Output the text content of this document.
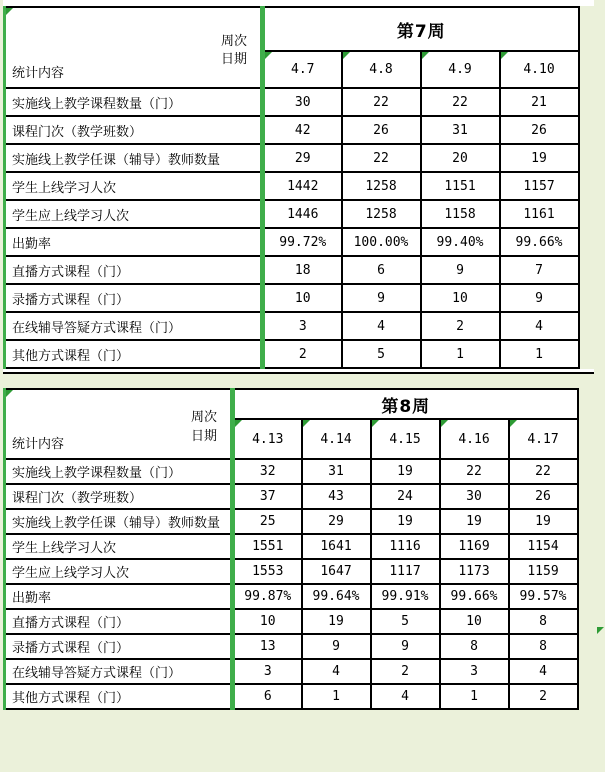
周次
日期
统计内容	第7周			

4.7	4.8	4.9	4.10
实施线上教学课程数量（门）	30	22	22	21
课程门次（教学班数）	42	26	31	26
实施线上教学任课（辅导）教师数量	29	22	20	19
学生上线学习人次	1442	1258	1151	1157
学生应上线学习人次	1446	1258	1158	1161
出勤率	99.72%	100.00%	99.40%	99.66%
直播方式课程（门）	18	6	9	7
录播方式课程（门）	10	9	10	9
在线辅导答疑方式课程（门）	3	4	2	4
其他方式课程（门）	2	5	1	1
周次
日期
统计内容	第8周				

4.13	4.14	4.15	4.16	4.17
实施线上教学课程数量（门）	32	31	19	22	22
课程门次（教学班数）	37	43	24	30	26
实施线上教学任课（辅导）教师数量	25	29	19	19	19
学生上线学习人次	1551	1641	1116	1169	1154
学生应上线学习人次	1553	1647	1117	1173	1159
出勤率	99.87%	99.64%	99.91%	99.66%	99.57%
直播方式课程（门）	10	19	5	10	8
录播方式课程（门）	13	9	9	8	8
在线辅导答疑方式课程（门）	3	4	2	3	4
其他方式课程（门）	6	1	4	1	2
